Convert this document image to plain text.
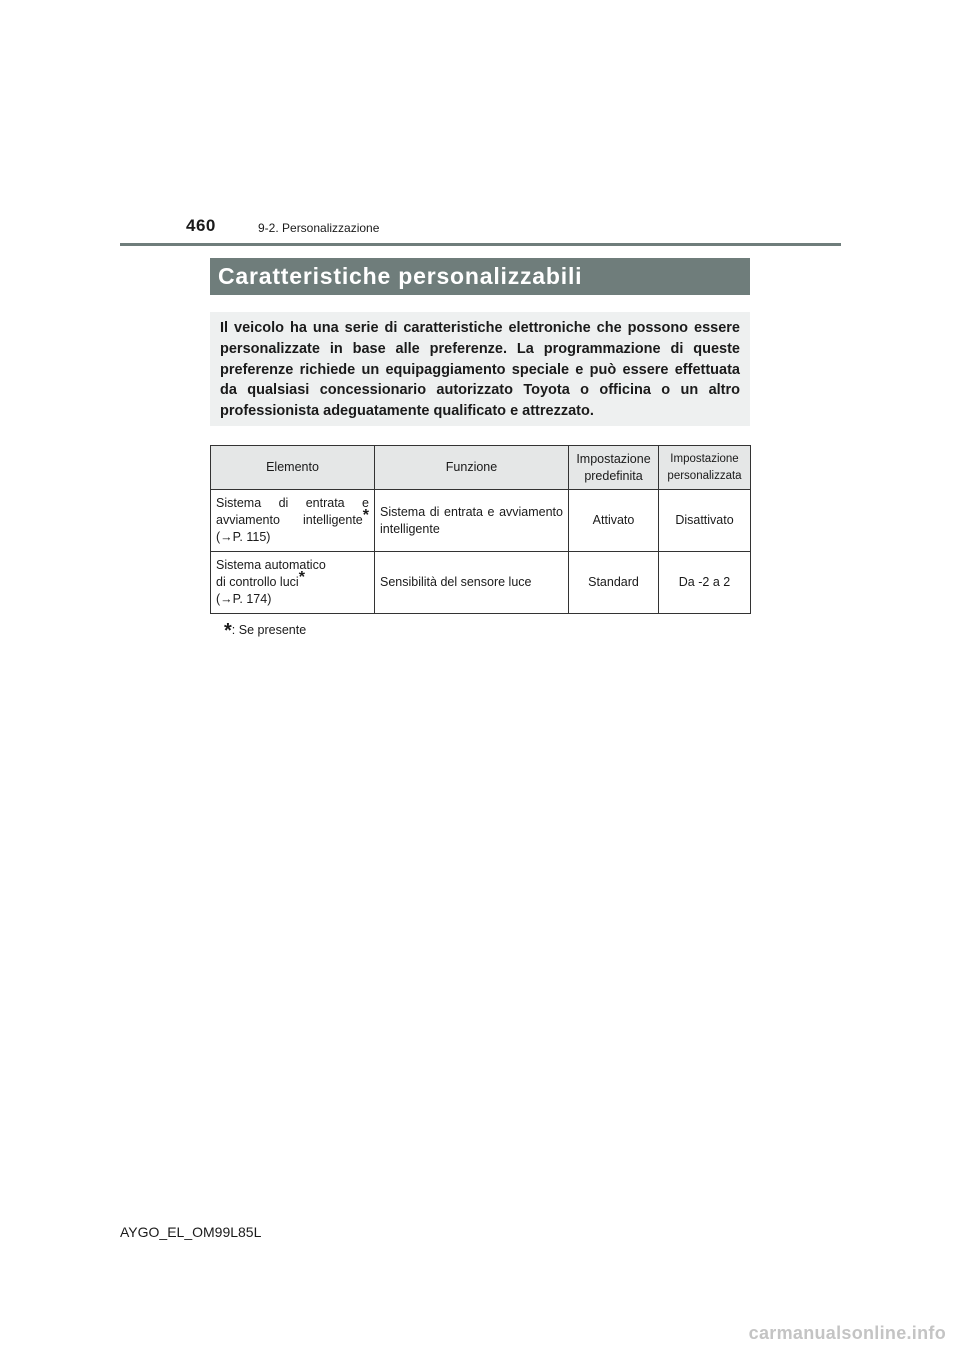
460	9-2. Personalizzazione
Caratteristiche personalizzabili

Il veicolo ha una serie di caratteristiche elettroniche che possono essere personalizzate in base alle preferenze. La programmazione di queste preferenze richiede un equipaggiamento speciale e può essere effettuata da qualsiasi concessionario autorizzato Toyota o officina o un altro professionista adeguatamente qualificato e attrezzato.

Elemento	Funzione	Impostazione predefinita	Impostazione personalizzata

Sistema di entrata e
avviamento intelligente*
(→P. 115)	Sistema di entrata e avviamento intelligente	Attivato	Disattivato

Sistema automatico
di controllo luci*
(→P. 174)	Sensibilità del sensore luce	Standard	Da -2 a 2
*: Se presente
AYGO_EL_OM99L85L
carmanualsonline.info
